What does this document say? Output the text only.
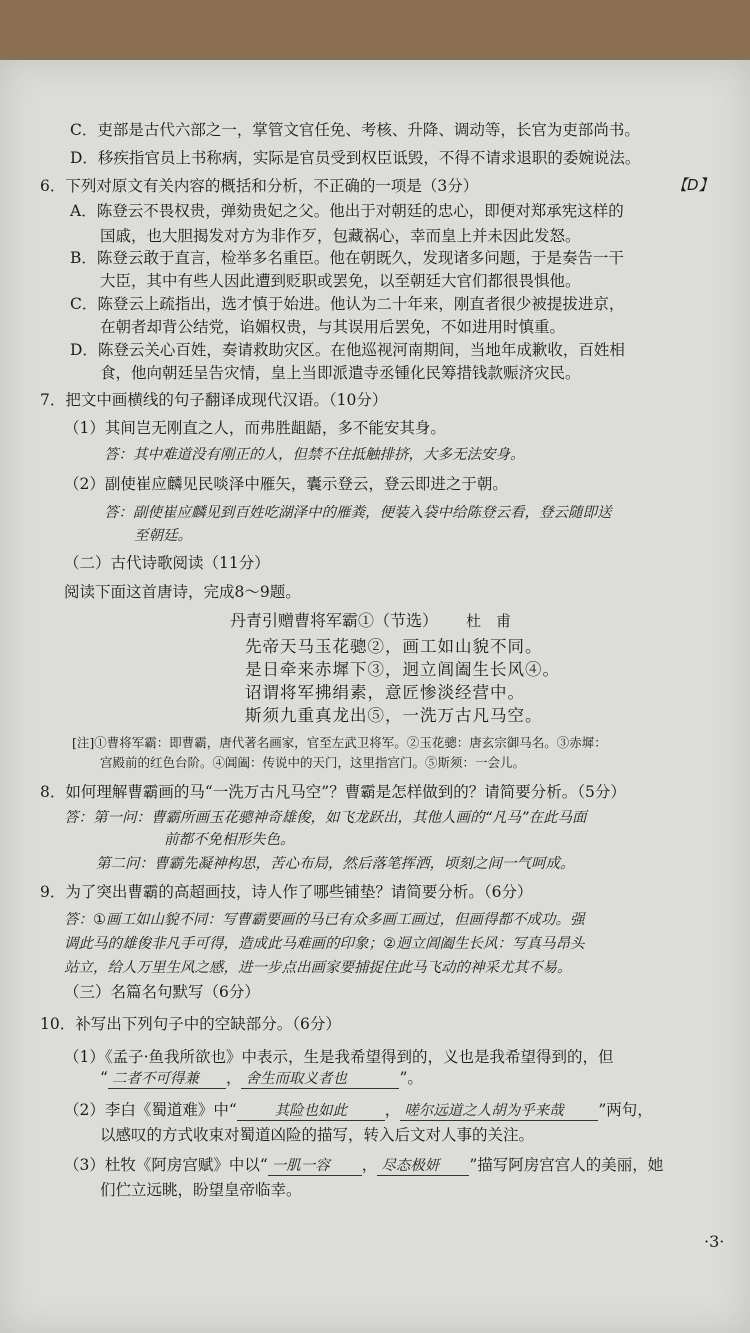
C．吏部是古代六部之一，掌管文官任免、考核、升降、调动等，长官为吏部尚书。
D．移疾指官员上书称病，实际是官员受到权臣诋毁，不得不请求退职的委婉说法。
6．下列对原文有关内容的概括和分析，不正确的一项是（3分）	【D】
A．陈登云不畏权贵，弹劾贵妃之父。他出于对朝廷的忠心，即便对郑承宪这样的
国戚，也大胆揭发对方为非作歹，包藏祸心，幸而皇上并未因此发怒。
B．陈登云敢于直言，检举多名重臣。他在朝既久，发现诸多问题，于是奏告一干
大臣，其中有些人因此遭到贬职或罢免，以至朝廷大官们都很畏惧他。
C．陈登云上疏指出，选才慎于始进。他认为二十年来，刚直者很少被提拔进京，
在朝者却背公结党，谄媚权贵，与其误用后罢免，不如进用时慎重。
D．陈登云关心百姓，奏请救助灾区。在他巡视河南期间，当地年成歉收，百姓相
食，他向朝廷呈告灾情，皇上当即派遣寺丞锺化民筹措钱款赈济灾民。
7．把文中画横线的句子翻译成现代汉语。（10分）
（1）其间岂无刚直之人，而弗胜龃龉，多不能安其身。
答：其中难道没有刚正的人，但禁不住抵触排挤，大多无法安身。
（2）副使崔应麟见民啖泽中雁矢，囊示登云，登云即进之于朝。
答：副使崔应麟见到百姓吃湖泽中的雁粪，便装入袋中给陈登云看，登云随即送
至朝廷。
（二）古代诗歌阅读（11分）
阅读下面这首唐诗，完成8～9题。
丹青引赠曹将军霸①（节选） 杜　甫
先帝天马玉花骢②，画工如山貌不同。
是日牵来赤墀下③，迥立阊阖生长风④。
诏谓将军拂绢素，意匠惨淡经营中。
斯须九重真龙出⑤，一洗万古凡马空。
[注]①曹将军霸：即曹霸，唐代著名画家，官至左武卫将军。②玉花骢：唐玄宗御马名。③赤墀：
宫殿前的红色台阶。④阊阖：传说中的天门，这里指宫门。⑤斯须：一会儿。
8．如何理解曹霸画的马“一洗万古凡马空”？曹霸是怎样做到的？请简要分析。（5分）
答：第一问：曹霸所画玉花骢神奇雄俊，如飞龙跃出，其他人画的“凡马”在此马面
前都不免相形失色。
第二问：曹霸先凝神构思，苦心布局，然后落笔挥洒，顷刻之间一气呵成。
9．为了突出曹霸的高超画技，诗人作了哪些铺垫？请简要分析。（6分）
答：①画工如山貌不同：写曹霸要画的马已有众多画工画过，但画得都不成功。强
调此马的雄俊非凡手可得，造成此马难画的印象；②迥立阊阖生长风：写真马昂头
站立，给人万里生风之感，进一步点出画家要捕捉住此马飞动的神采尤其不易。
（三）名篇名句默写（6分）
10．补写出下列句子中的空缺部分。（6分）
（1）《孟子·鱼我所欲也》中表示，生是我希望得到的，义也是我希望得到的，但
“ 二者不可得兼 ， 舍生而取义者也	”。
（2）李白《蜀道难》中“	其险也如此 ， 嗟尔远道之人胡为乎来哉 ”两句，
以感叹的方式收束对蜀道凶险的描写，转入后文对人事的关注。
（3）杜牧《阿房宫赋》中以“ 一肌一容 ， 尽态极妍 ”描写阿房宫宫人的美丽，她
们伫立远眺，盼望皇帝临幸。
·3·
